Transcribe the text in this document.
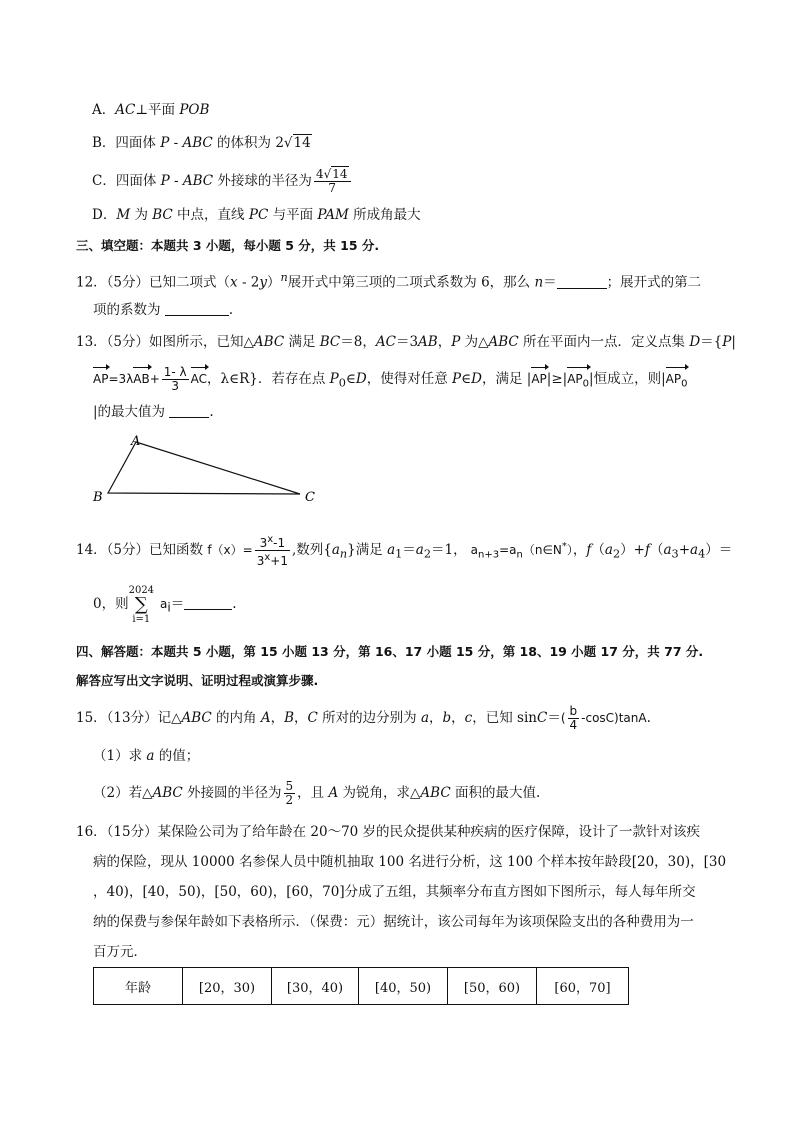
A．AC⊥平面 POB
B．四面体 P - ABC 的体积为 2√14
C．四面体 P - ABC 外接球的半径为 $\frac{4√14}{7}$
D．M 为 BC 中点，直线 PC 与平面 PAM 所成角最大
三、填空题：本题共 3 小题，每小题 5 分，共 15 分.
12．（5分）已知二项式（x - 2y）$^n$展开式中第三项的二项式系数为 6，那么 n＝	；展开式的第二
项的系数为	.
13．（5分）如图所示，已知△ABC 满足 BC＝8，AC＝3AB，P 为△ABC 所在平面内一点．定义点集 D＝{P|
$AP=3\lambda AB+ \frac{1- \lambda}{3}$ AC，λ∈R}．若存在点 $P_0\in D$，使得对任意 P∈D，满足 $|AP|\ge|AP_0|$恒成立，则$|AP_0$
|的最大值为	.
A
B	C
14．（5分）已知函数 $f(x)= \frac{3^x-1}{3^x+1}$ ,数列$\{a_n\}$满足 $a_1=a_2=1$， $a_{n+3}=a_n(n\in N^*)$，$f(a_2)+f(a_3+a_4)=$
0，则
2024
∑
i=1
$a_i=$	.
四、解答题：本题共 5 小题，第 15 小题 13 分，第 16、17 小题 15 分，第 18、19 小题 17 分，共 77 分.
解答应写出文字说明、证明过程或演算步骤.
15．（13分）记△ABC 的内角 A，B，C 所对的边分别为 a，b，c，已知 $\sin C=( \frac{b}{4} -\cos C)\tan A$.
（1）求 a 的值；
（2）若△ABC 外接圆的半径为 $\frac{5}{2}$ ，且 A 为锐角，求△ABC 面积的最大值.
16．（15分）某保险公司为了给年龄在 20～70 岁的民众提供某种疾病的医疗保障，设计了一款针对该疾
病的保险，现从 10000 名参保人员中随机抽取 100 名进行分析，这 100 个样本按年龄段[20，30)，[30
，40)，[40，50)，[50，60)，[60，70]分成了五组，其频率分布直方图如下图所示，每人每年所交
纳的保费与参保年龄如下表格所示．（保费：元）据统计，该公司每年为该项保险支出的各种费用为一
百万元．
年龄	[20，30)	[30，40)	[40，50)	[50，60)	[60，70]
